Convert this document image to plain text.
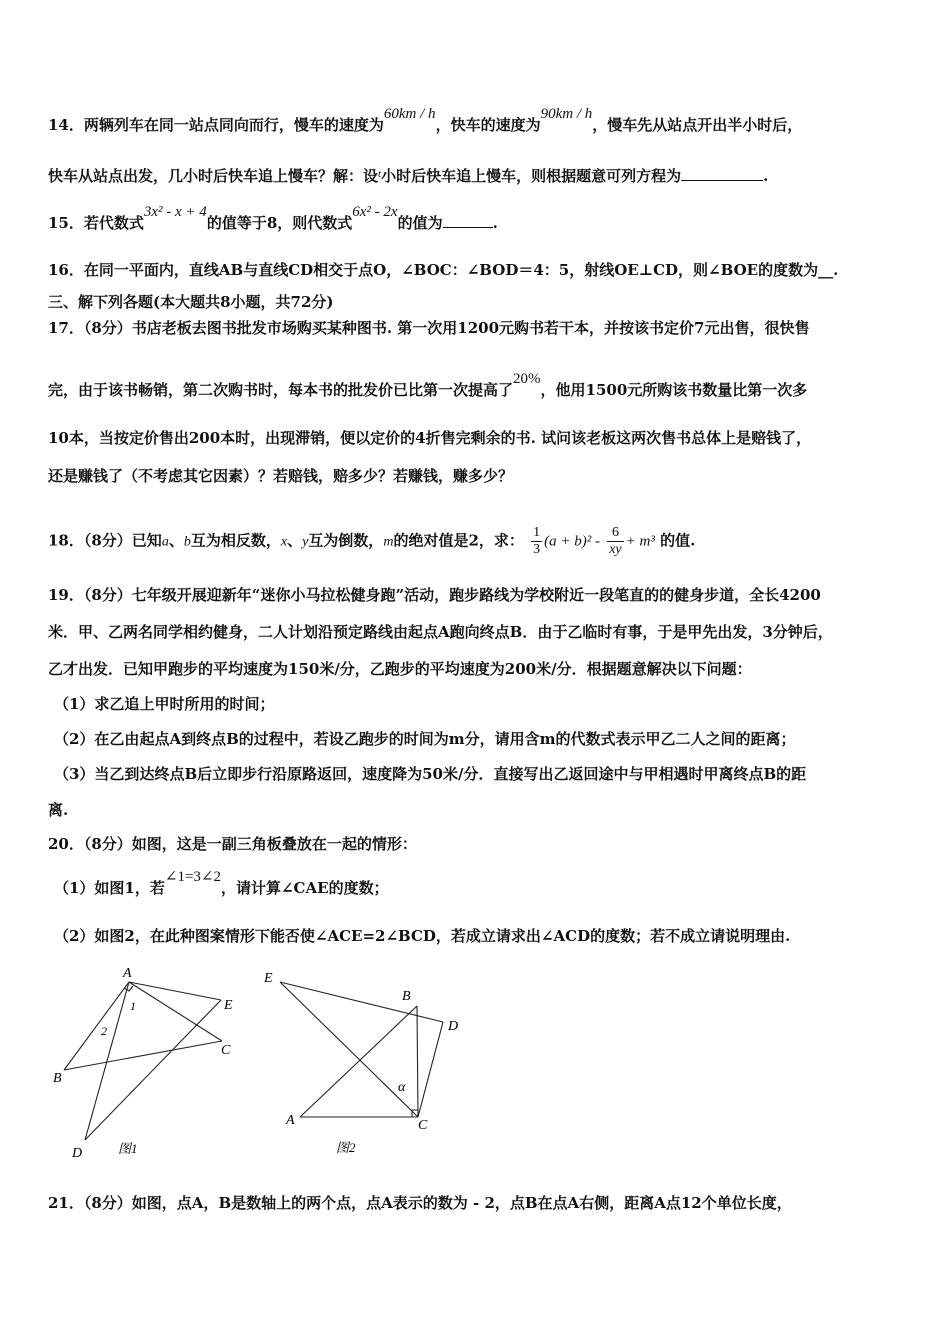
14．两辆列车在同一站点同向而行，慢车的速度为60km / h，快车的速度为90km / h，慢车先从站点开出半小时后，
快车从站点出发，几小时后快车追上慢车？解：设$^t$小时后快车追上慢车，则根据题意可列方程为	.
15．若代数式3x² - x + 4的值等于8，则代数式6x² - 2x的值为	.
16．在同一平面内，直线AB与直线CD相交于点O，∠BOC：∠BOD＝4：5，射线OE⊥CD，则∠BOE的度数为__.
三、解下列各题(本大题共8小题，共72分)
17．（8分）书店老板去图书批发市场购买某种图书. 第一次用1200元购书若干本，并按该书定价7元出售，很快售
完，由于该书畅销，第二次购书时，每本书的批发价已比第一次提高了20%，他用1500元所购该书数量比第一次多
10本，当按定价售出200本时，出现滞销，便以定价的4折售完剩余的书. 试问该老板这两次售书总体上是赔钱了，
还是赚钱了（不考虑其它因素）？若赔钱，赔多少？若赚钱，赚多少？
18．（8分）已知a、b互为相反数，x、y互为倒数，m的绝对值是2，求： $\frac{1}{3} (a + b)^2 - \frac{6}{xy} + m^3$ 的值.
19．（8分）七年级开展迎新年“迷你小马拉松健身跑”活动，跑步路线为学校附近一段笔直的的健身步道，全长4200
米．甲、乙两名同学相约健身，二人计划沿预定路线由起点A跑向终点B．由于乙临时有事，于是甲先出发，3分钟后，
乙才出发．已知甲跑步的平均速度为150米/分，乙跑步的平均速度为200米/分．根据题意解决以下问题：
（1）求乙追上甲时所用的时间；
（2）在乙由起点A到终点B的过程中，若设乙跑步的时间为m分，请用含m的代数式表示甲乙二人之间的距离；
（3）当乙到达终点B后立即步行沿原路返回，速度降为50米/分．直接写出乙返回途中与甲相遇时甲离终点B的距
离.
20．（8分）如图，这是一副三角板叠放在一起的情形：
（1）如图1，若∠1=3∠2，请计算∠CAE的度数；
（2）如图2，在此种图案情形下能否使∠ACE=2∠BCD，若成立请求出∠ACD的度数；若不成立请说明理由.
A
B
C
D
E
1
2
图1
E
B
D
A	C
α
图2
21．（8分）如图，点A，B是数轴上的两个点，点A表示的数为 - 2，点B在点A右侧，距离A点12个单位长度，
